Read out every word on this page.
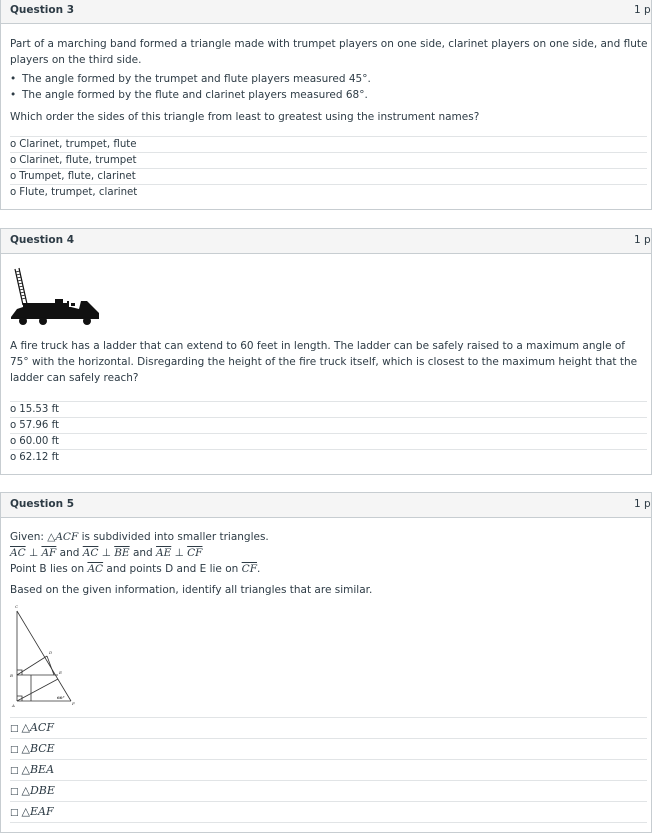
Question 3	1 p
Part of a marching band formed a triangle made with trumpet players on one side, clarinet players on one side, and flute players on the third side.
• The angle formed by the trumpet and flute players measured 45°.
• The angle formed by the flute and clarinet players measured 68°.
Which order the sides of this triangle from least to greatest using the instrument names?
o Clarinet, trumpet, flute
o Clarinet, flute, trumpet
o Trumpet, flute, clarinet
o Flute, trumpet, clarinet
Question 4	1 p
A fire truck has a ladder that can extend to 60 feet in length. The ladder can be safely raised to a maximum angle of 75° with the horizontal. Disregarding the height of the fire truck itself, which is closest to the maximum height that the ladder can safely reach?
o 15.53 ft
o 57.96 ft
o 60.00 ft
o 62.12 ft
Question 5	1 p
Given: △ACF is subdivided into smaller triangles.
$\overline{AC}$ ⊥ $\overline{AF}$ and $\overline{AC}$ ⊥ $\overline{BE}$ and $\overline{AE}$ ⊥ $\overline{CF}$
Point B lies on $\overline{AC}$ and points D and E lie on $\overline{CF}$.
Based on the given information, identify all triangles that are similar.
C
D
B
E
A	F
60°
□ △ACF
□ △BCE
□ △BEA
□ △DBE
□ △EAF
